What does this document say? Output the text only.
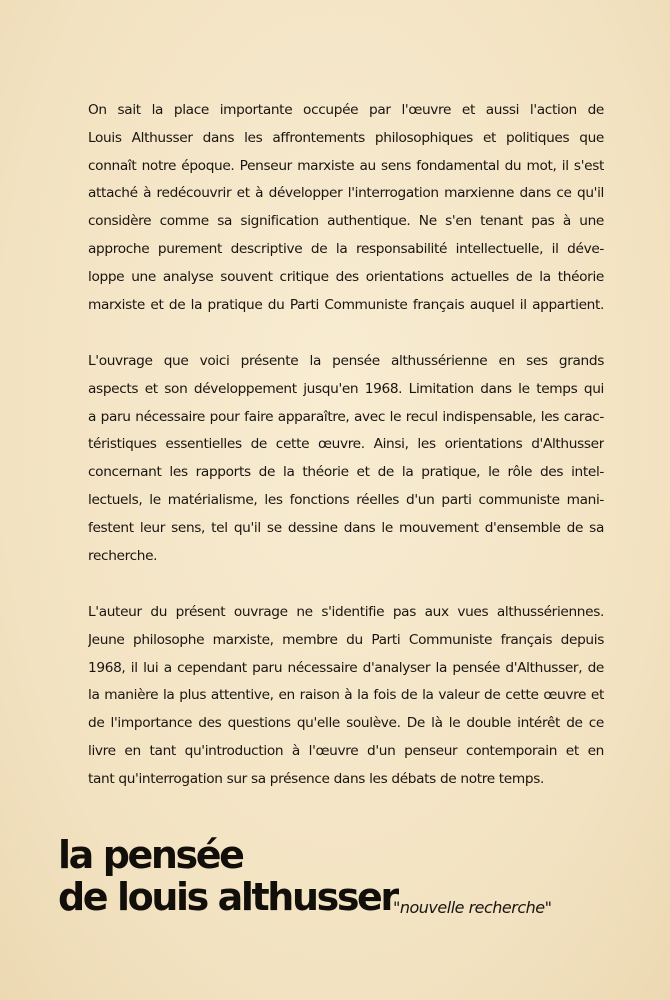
On sait la place importante occupée par l'œuvre et aussi l'action de
Louis Althusser dans les affrontements philosophiques et politiques que
connaît notre époque. Penseur marxiste au sens fondamental du mot, il s'est
attaché à redécouvrir et à développer l'interrogation marxienne dans ce qu'il
considère comme sa signification authentique. Ne s'en tenant pas à une
approche purement descriptive de la responsabilité intellectuelle, il déve-
loppe une analyse souvent critique des orientations actuelles de la théorie
marxiste et de la pratique du Parti Communiste français auquel il appartient.
L'ouvrage que voici présente la pensée althussérienne en ses grands
aspects et son développement jusqu'en 1968. Limitation dans le temps qui
a paru nécessaire pour faire apparaître, avec le recul indispensable, les carac-
téristiques essentielles de cette œuvre. Ainsi, les orientations d'Althusser
concernant les rapports de la théorie et de la pratique, le rôle des intel-
lectuels, le matérialisme, les fonctions réelles d'un parti communiste mani-
festent leur sens, tel qu'il se dessine dans le mouvement d'ensemble de sa
recherche.
L'auteur du présent ouvrage ne s'identifie pas aux vues althussériennes.
Jeune philosophe marxiste, membre du Parti Communiste français depuis
1968, il lui a cependant paru nécessaire d'analyser la pensée d'Althusser, de
la manière la plus attentive, en raison à la fois de la valeur de cette œuvre et
de l'importance des questions qu'elle soulève. De là le double intérêt de ce
livre en tant qu'introduction à l'œuvre d'un penseur contemporain et en
tant qu'interrogation sur sa présence dans les débats de notre temps.
la pensée
de louis althusser
"nouvelle recherche"
